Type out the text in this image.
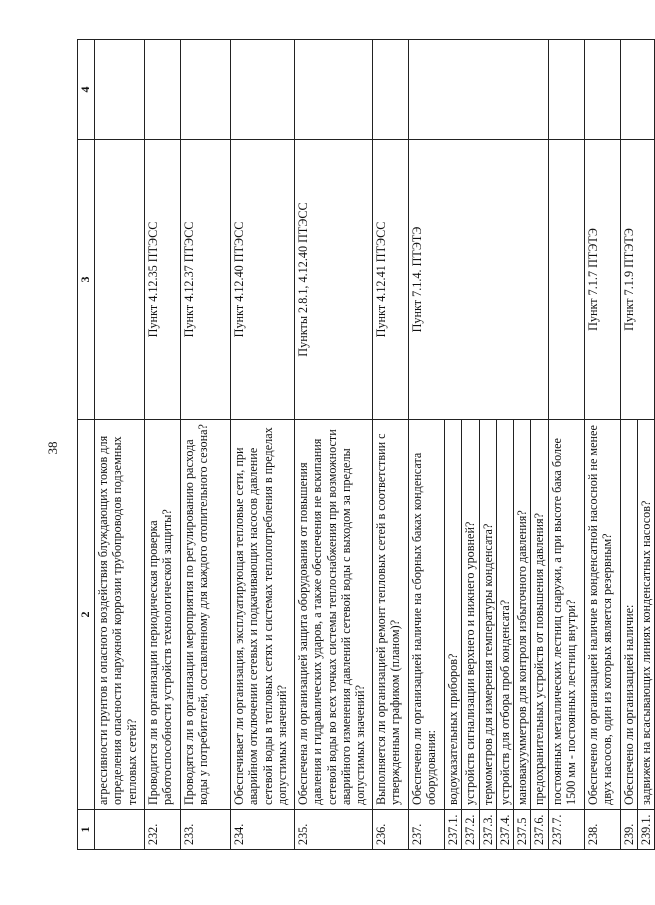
38
1	2	3	4
	агрессивности грунтов и опасного воздействия блуждающих токов для определения опасности наружной коррозии трубопроводов подземных тепловых сетей?		
232.	Проводится ли в организации периодическая проверка работоспособности устройств технологической защиты?	Пункт 4.12.35 ПТЭСС	
233.	Проводятся ли в организации мероприятия по регулированию расхода воды у потребителей, составленному для каждого отопительного сезона?	Пункт 4.12.37 ПТЭСС	
234.	Обеспечивает ли организация, эксплуатирующая тепловые сети, при аварийном отключении сетевых и подкачивающих насосов давление сетевой воды в тепловых сетях и системах теплопотребления в пределах допустимых значений?	Пункт 4.12.40 ПТЭСС	
235.	Обеспечена ли организацией защита оборудования от повышения давления и гидравлических ударов, а также обеспечения не вскипания сетевой воды во всех точках системы теплоснабжения при возможности аварийного изменения давлений сетевой воды с выходом за пределы допустимых значений?	Пункты 2.8.1, 4.12.40 ПТЭСС	
236.	Выполняется ли организацией ремонт тепловых сетей в соответствии с утвержденным графиком (планом)?	Пункт 4.12.41 ПТЭСС	
237.	Обеспечено ли организацией наличие на сборных баках конденсата оборудования:	Пункт 7.1.4. ПТЭТЭ	
237.1.	водоуказательных приборов?		
237.2.	устройств сигнализации верхнего и нижнего уровней?		
237.3.	термометров для измерения температуры конденсата?		
237.4.	устройств для отбора проб конденсата?		
237.5	мановакуумметров для контроля избыточного давления?		
237.6.	предохранительных устройств от повышения давления?		
237.7.	постоянных металлических лестниц снаружи, а при высоте бака более 1500 мм - постоянных лестниц внутри?		
238.	Обеспечено ли организацией наличие в конденсатной насосной не менее двух насосов, один из которых является резервным?	Пункт 7.1.7 ПТЭТЭ	
239.	Обеспечено ли организацией наличие:	Пункт 7.1.9 ПТЭТЭ	
239.1.	задвижек на всасывающих линиях конденсатных насосов?		
